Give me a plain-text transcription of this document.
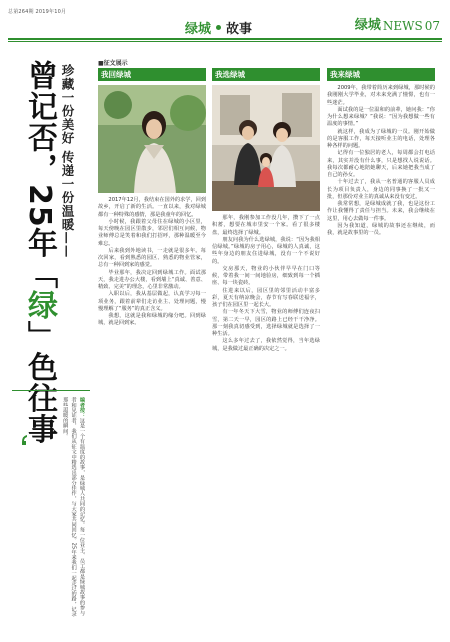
总第264期 2019年10月
绿城 故事	绿城 NEWS 07
■征文展示
珍藏一份美好 传递一份温暖——
曾记否，25年「绿」色往事	编者按：这是一个有温度的故事，是绿城人共同的记忆。每一位业主、员工都是绿城故事的参与者和见证者，我们从征文中精选出部分佳作，与大家共同回忆。25年来我们一起走过的路，记录那些温暖的瞬间。
我回绿城

2017年12月，我结束在国外的求学，回到故乡，开启了新的生活。一直以来，我对绿城都有一种特殊的感情，那是我童年的回忆。

小时候，我跟着父母住在绿城的小区里，每天傍晚在园区里散步，邻居们相互问候，物业师傅总是笑着和我们打招呼，那种温暖至今难忘。

后来我到外地读书，一走就是很多年。每次回家，看到熟悉的园区、熟悉的物业管家，总有一种回到家的感觉。

毕业那年，我决定回到绿城工作。面试那天，我走进办公大楼，看到墙上“真诚、善意、精致、完美”的理念，心里非常激动。

入职以后，我从基层做起，认真学习每一项业务，跟着前辈们走访业主、处理问题，慢慢理解了“服务”的真正含义。

我想，这就是我和绿城的缘分吧。回到绿城，就是回到家。

我选绿城

那年，我刚参加工作没几年，攒下了一点积蓄，想要在城市里安一个家。看了很多楼盘，最终选择了绿城。

朋友问我为什么选绿城，我说：“因为我相信绿城。”绿城的房子用心，绿城的人真诚，这些年身边的朋友住进绿城，没有一个不说好的。

交房那天，物业的小伙伴早早在门口等候，带着我一间一间地验房，细致到每一个插座、每一块瓷砖。

住进来以后，园区里的邻里活动丰富多彩，夏天有纳凉晚会，春节有写春联送福字，孩子们在园区里一起长大。

有一年冬天下大雪，物业的师傅们连夜扫雪，第二天一早，园区的路上已经干干净净。那一刻我真切感受到，选择绿城就是选择了一种生活。

这么多年过去了，我依然觉得，当年选绿城，是我做过最正确的决定之一。

我来绿城

2009年，我带着简历来到绿城，那时候的我刚刚大学毕业，对未来充满了憧憬，也有一些迷茫。

面试我的是一位温和的前辈，她问我：“你为什么想来绿城？”我说：“因为我想做一些有温度的事情。”

就这样，我成为了绿城的一员。刚开始做的是客服工作，每天接听业主的电话，处理各种各样的问题。

记得有一位独居的老人，每周都会打电话来，其实并没有什么事，只是想找人说说话。我每次都耐心地陪她聊天，后来她把我当成了自己的孙女。

十年过去了，我从一名普通的客服人员成长为项目负责人，身边的同事换了一批又一批，但那份对业主的真诚从来没有变过。

我常常想，是绿城成就了我，也是这份工作让我懂得了责任与担当。未来，我会继续在这里，用心去做每一件事。

因为我知道，绿城的故事还在继续，而我，就是故事里的一员。
